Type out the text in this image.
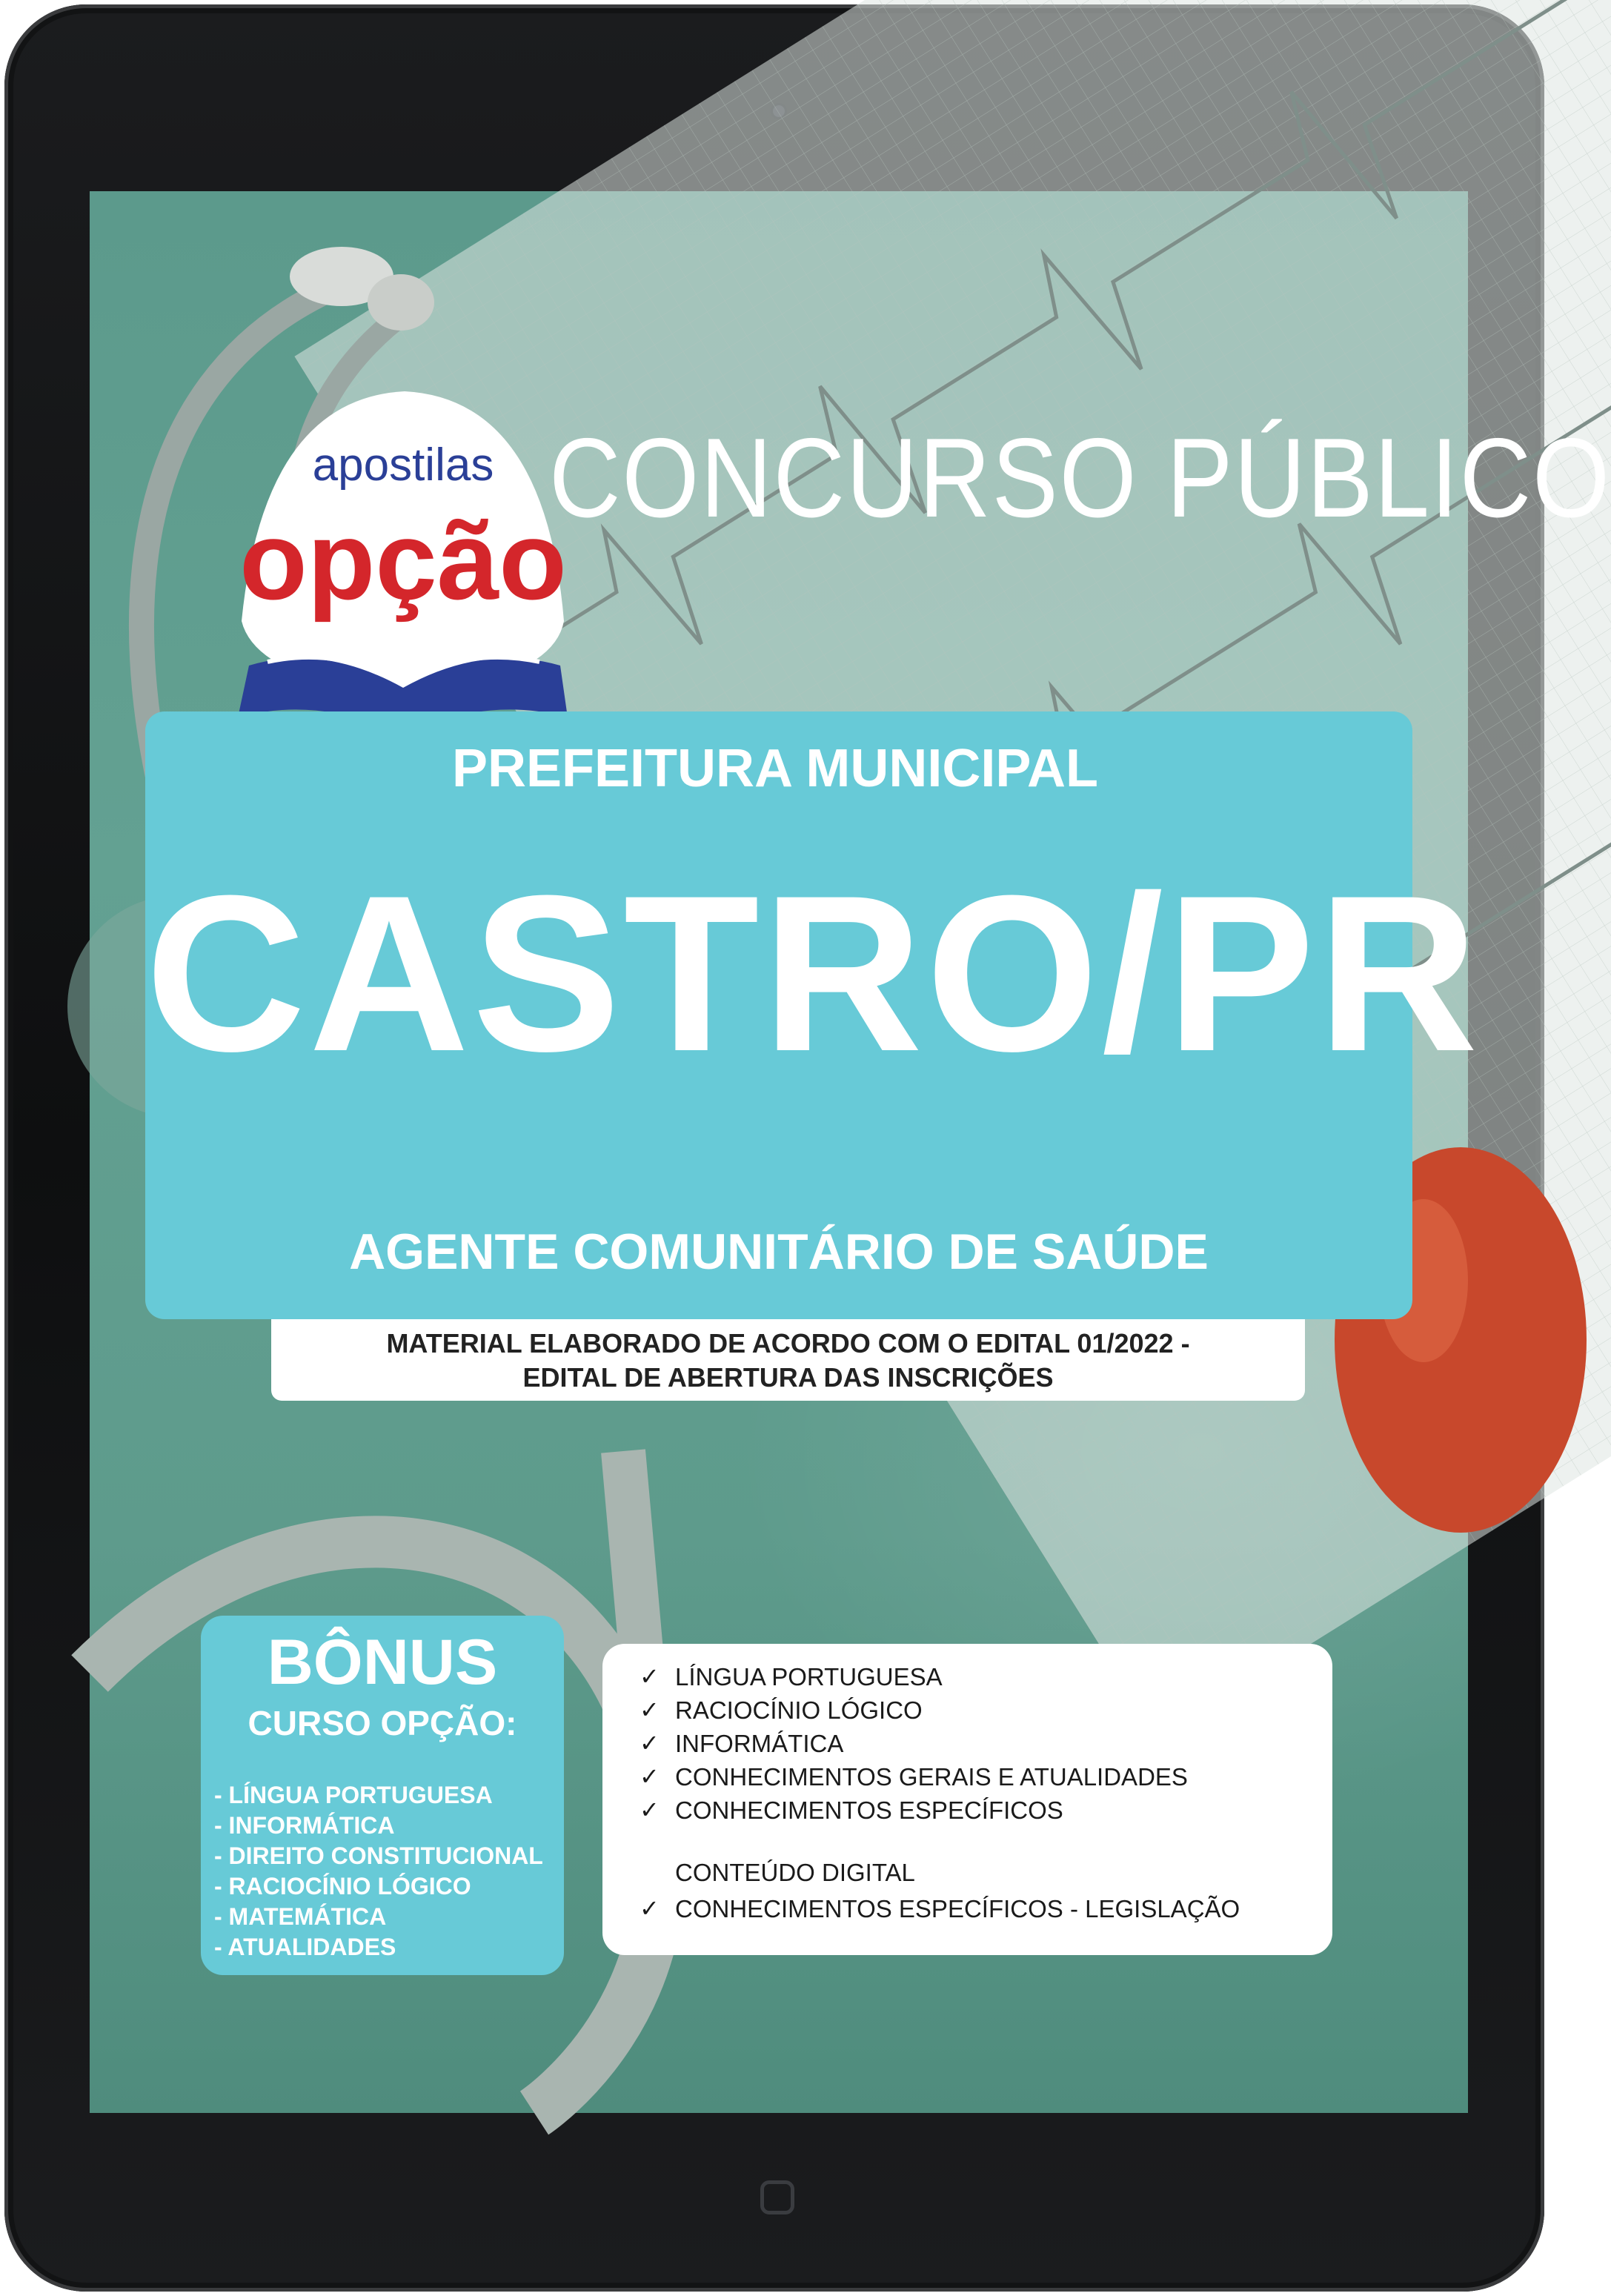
apostilas
opção
CONCURSO PÚBLICO
PREFEITURA MUNICIPAL
CASTRO/PR
AGENTE COMUNITÁRIO DE SAÚDE
MATERIAL ELABORADO DE ACORDO COM O EDITAL 01/2022 -
EDITAL DE ABERTURA DAS INSCRIÇÕES
BÔNUS
CURSO OPÇÃO:
- LÍNGUA PORTUGUESA
- INFORMÁTICA
- DIREITO CONSTITUCIONAL
- RACIOCÍNIO LÓGICO
- MATEMÁTICA
- ATUALIDADES
✓ LÍNGUA PORTUGUESA
✓ RACIOCÍNIO LÓGICO
✓ INFORMÁTICA
✓ CONHECIMENTOS GERAIS E ATUALIDADES
✓ CONHECIMENTOS ESPECÍFICOS
CONTEÚDO DIGITAL
✓ CONHECIMENTOS ESPECÍFICOS - LEGISLAÇÃO
